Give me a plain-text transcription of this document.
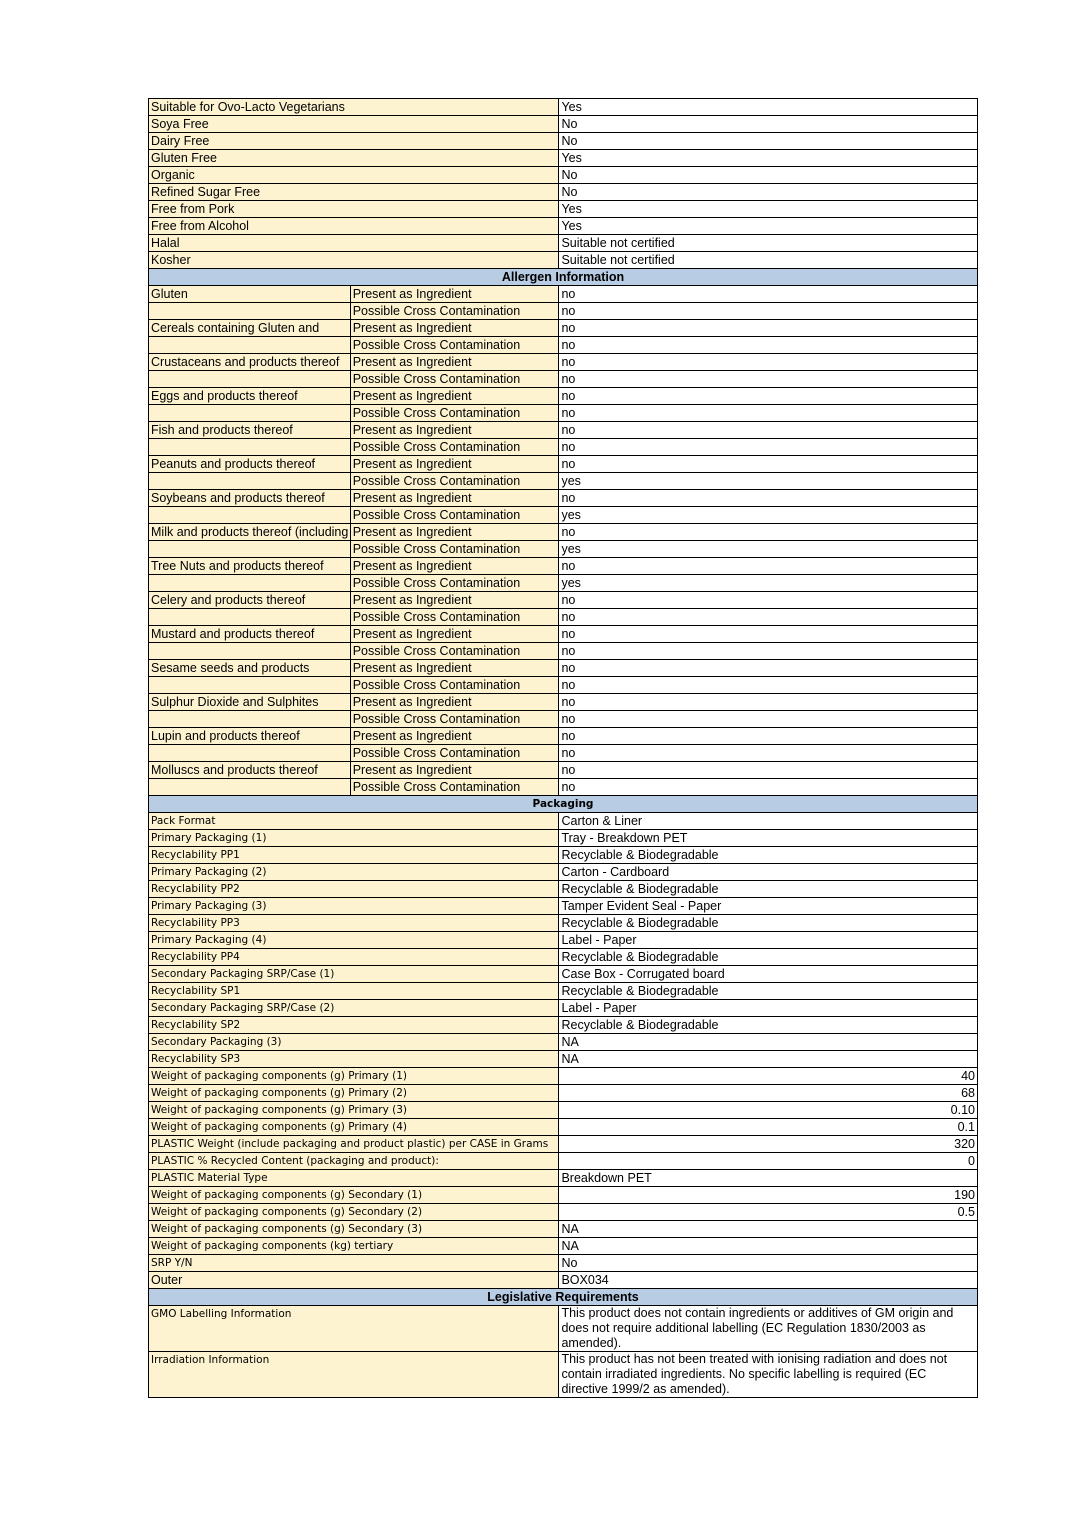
Suitable for Ovo-Lacto Vegetarians		Yes
Soya Free		No
Dairy Free		No
Gluten Free		Yes
Organic		No
Refined Sugar Free		No
Free from Pork		Yes
Free from Alcohol		Yes
Halal		Suitable not certified
Kosher		Suitable not certified
Allergen Information		
Gluten	Present as Ingredient	no
	Possible Cross Contamination	no
Cereals containing Gluten and	Present as Ingredient	no
	Possible Cross Contamination	no
Crustaceans and products thereof	Present as Ingredient	no
	Possible Cross Contamination	no
Eggs and products thereof	Present as Ingredient	no
	Possible Cross Contamination	no
Fish and products thereof	Present as Ingredient	no
	Possible Cross Contamination	no
Peanuts and products thereof	Present as Ingredient	no
	Possible Cross Contamination	yes
Soybeans and products thereof	Present as Ingredient	no
	Possible Cross Contamination	yes
Milk and products thereof (including	Present as Ingredient	no
	Possible Cross Contamination	yes
Tree Nuts and products thereof	Present as Ingredient	no
	Possible Cross Contamination	yes
Celery and products thereof	Present as Ingredient	no
	Possible Cross Contamination	no
Mustard and products thereof	Present as Ingredient	no
	Possible Cross Contamination	no
Sesame seeds and products	Present as Ingredient	no
	Possible Cross Contamination	no
Sulphur Dioxide and Sulphites	Present as Ingredient	no
	Possible Cross Contamination	no
Lupin and products thereof	Present as Ingredient	no
	Possible Cross Contamination	no
Molluscs and products thereof	Present as Ingredient	no
	Possible Cross Contamination	no
Packaging		
Pack Format		Carton & Liner
Primary Packaging (1)		Tray - Breakdown PET
Recyclability PP1		Recyclable & Biodegradable
Primary Packaging (2)		Carton - Cardboard
Recyclability PP2		Recyclable & Biodegradable
Primary Packaging (3)		Tamper Evident Seal - Paper
Recyclability PP3		Recyclable & Biodegradable
Primary Packaging (4)		Label - Paper
Recyclability PP4		Recyclable & Biodegradable
Secondary Packaging SRP/Case (1)		Case Box - Corrugated board
Recyclability SP1		Recyclable & Biodegradable
Secondary Packaging SRP/Case (2)		Label - Paper
Recyclability SP2		Recyclable & Biodegradable
Secondary Packaging (3)		NA
Recyclability SP3		NA
Weight of packaging components (g) Primary (1)		40
Weight of packaging components (g) Primary (2)		68
Weight of packaging components (g) Primary (3)		0.10
Weight of packaging components (g) Primary (4)		0.1
PLASTIC Weight (include packaging and product plastic) per CASE in Grams		320
PLASTIC % Recycled Content (packaging and product):		0
PLASTIC Material Type		Breakdown PET
Weight of packaging components (g) Secondary (1)		190
Weight of packaging components (g) Secondary (2)		0.5
Weight of packaging components (g) Secondary (3)		NA
Weight of packaging components (kg) tertiary		NA
SRP Y/N		No
Outer		BOX034
Legislative Requirements		
GMO Labelling Information		This product does not contain ingredients or additives of GM origin and does not require additional labelling (EC Regulation 1830/2003 as amended).
Irradiation Information		This product has not been treated with ionising radiation and does not contain irradiated ingredients. No specific labelling is required (EC directive 1999/2 as amended).
